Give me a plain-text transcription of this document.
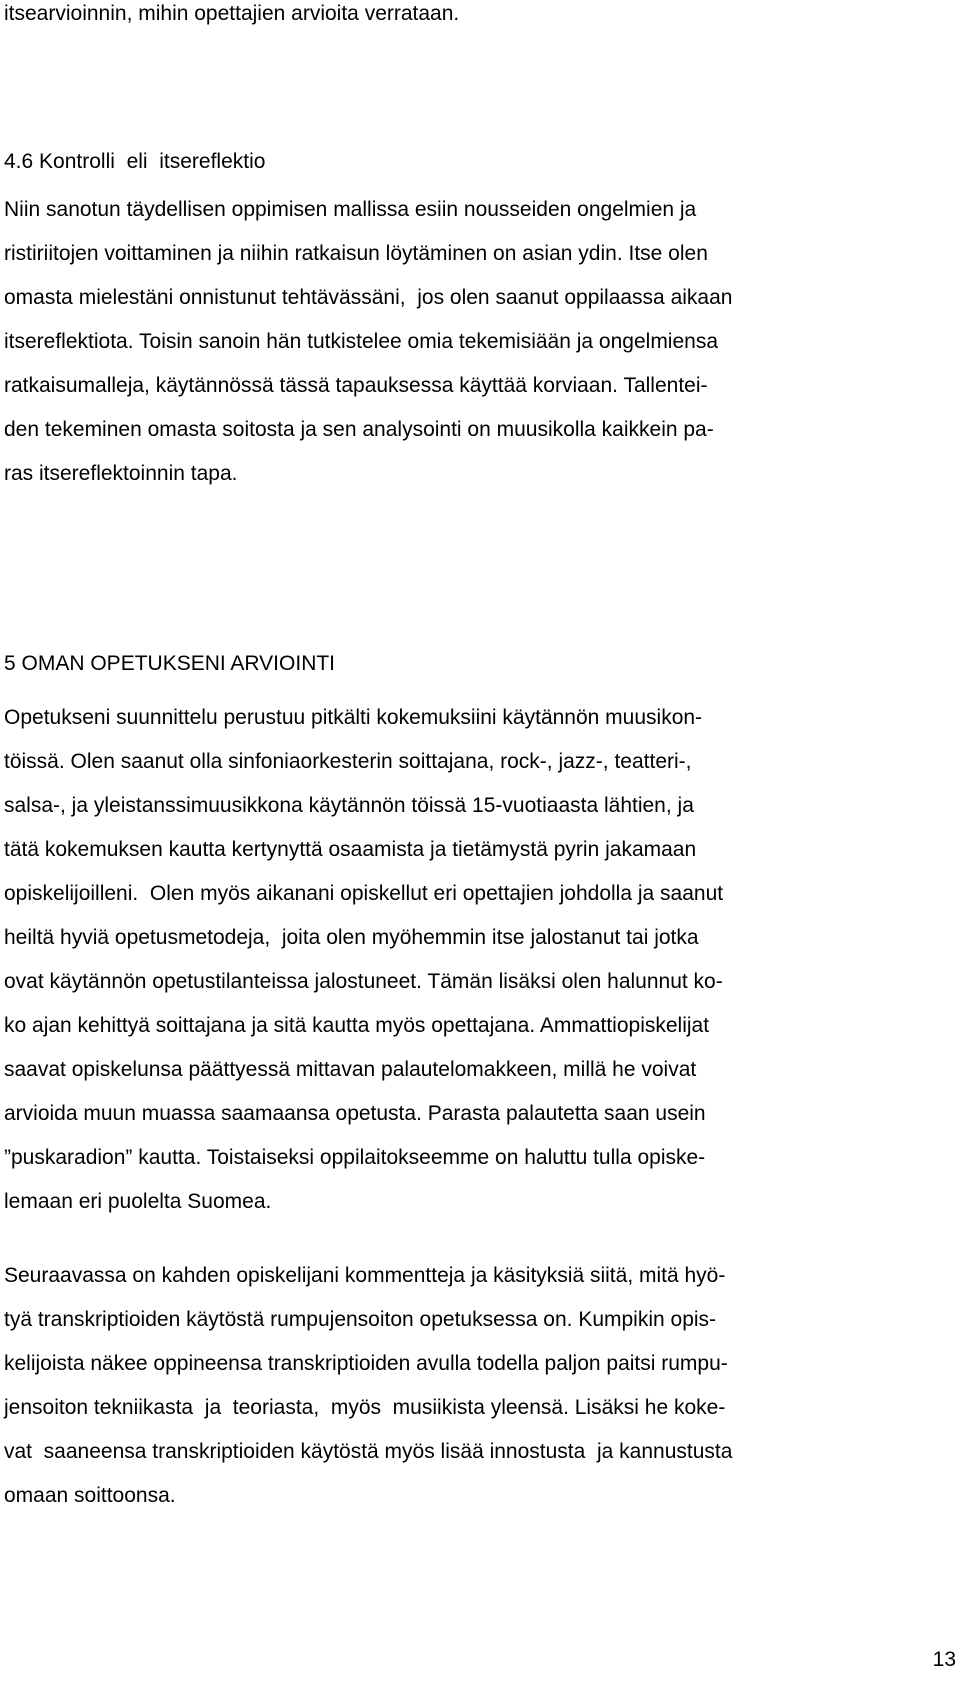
itsearvioinnin, mihin opettajien arvioita verrataan.
4.6 Kontrolli  eli  itsereflektio
Niin sanotun täydellisen oppimisen mallissa esiin nousseiden ongelmien ja
ristiriitojen voittaminen ja niihin ratkaisun löytäminen on asian ydin. Itse olen
omasta mielestäni onnistunut tehtävässäni,  jos olen saanut oppilaassa aikaan
itsereflektiota. Toisin sanoin hän tutkistelee omia tekemisiään ja ongelmiensa
ratkaisumalleja, käytännössä tässä tapauksessa käyttää korviaan. Tallentei-
den tekeminen omasta soitosta ja sen analysointi on muusikolla kaikkein pa-
ras itsereflektoinnin tapa.
5 OMAN OPETUKSENI ARVIOINTI
Opetukseni suunnittelu perustuu pitkälti kokemuksiini käytännön muusikon-
töissä. Olen saanut olla sinfoniaorkesterin soittajana, rock-, jazz-, teatteri-,
salsa-, ja yleistanssimuusikkona käytännön töissä 15-vuotiaasta lähtien, ja
tätä kokemuksen kautta kertynyttä osaamista ja tietämystä pyrin jakamaan
opiskelijoilleni.  Olen myös aikanani opiskellut eri opettajien johdolla ja saanut
heiltä hyviä opetusmetodeja,  joita olen myöhemmin itse jalostanut tai jotka
ovat käytännön opetustilanteissa jalostuneet. Tämän lisäksi olen halunnut ko-
ko ajan kehittyä soittajana ja sitä kautta myös opettajana. Ammattiopiskelijat
saavat opiskelunsa päättyessä mittavan palautelomakkeen, millä he voivat
arvioida muun muassa saamaansa opetusta. Parasta palautetta saan usein
”puskaradion” kautta. Toistaiseksi oppilaitokseemme on haluttu tulla opiske-
lemaan eri puolelta Suomea.
Seuraavassa on kahden opiskelijani kommentteja ja käsityksiä siitä, mitä hyö-
tyä transkriptioiden käytöstä rumpujensoiton opetuksessa on. Kumpikin opis-
kelijoista näkee oppineensa transkriptioiden avulla todella paljon paitsi rumpu-
jensoiton tekniikasta  ja  teoriasta,  myös  musiikista yleensä. Lisäksi he koke-
vat  saaneensa transkriptioiden käytöstä myös lisää innostusta  ja kannustusta
omaan soittoonsa.
13
